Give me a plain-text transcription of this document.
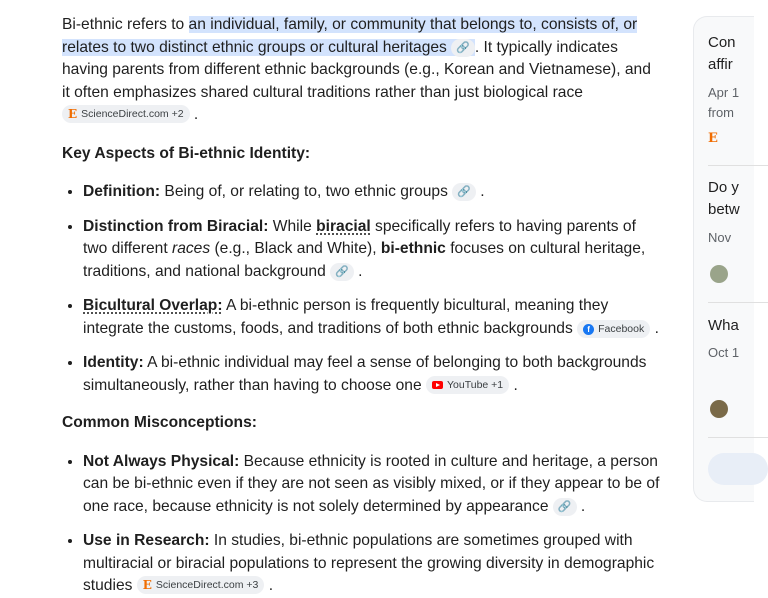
Bi-ethnic refers to an individual, family, or community that belongs to, consists of, or relates to two distinct ethnic groups or cultural heritages 🔗 . It typically indicates having parents from different ethnic backgrounds (e.g., Korean and Vietnamese), and it often emphasizes shared cultural traditions rather than just biological race
E ScienceDirect.com +2 .

Key Aspects of Bi-ethnic Identity:
• Definition: Being of, or relating to, two ethnic groups 🔗 .
• Distinction from Biracial: While biracial specifically refers to having parents of two different races (e.g., Black and White), bi-ethnic focuses on cultural heritage, traditions, and national background 🔗 .
• Bicultural Overlap: A bi-ethnic person is frequently bicultural, meaning they integrate the customs, foods, and traditions of both ethnic backgrounds	f Facebook .
• Identity: A bi-ethnic individual may feel a sense of belonging to both backgrounds simultaneously, rather than having to choose one YouTube +1 .
Common Misconceptions:
• Not Always Physical: Because ethnicity is rooted in culture and heritage, a person can be bi-ethnic even if they are not seen as visibly mixed, or if they appear to be of one race, because ethnicity is not solely determined by appearance 🔗 .
• Use in Research: In studies, bi-ethnic populations are sometimes grouped with multiracial or biracial populations to represent the growing diversity in demographic studies E ScienceDirect.com +3 .
Con
affir
Apr 1
from
E
Do y
betw
Nov
Wha
Oct 1
